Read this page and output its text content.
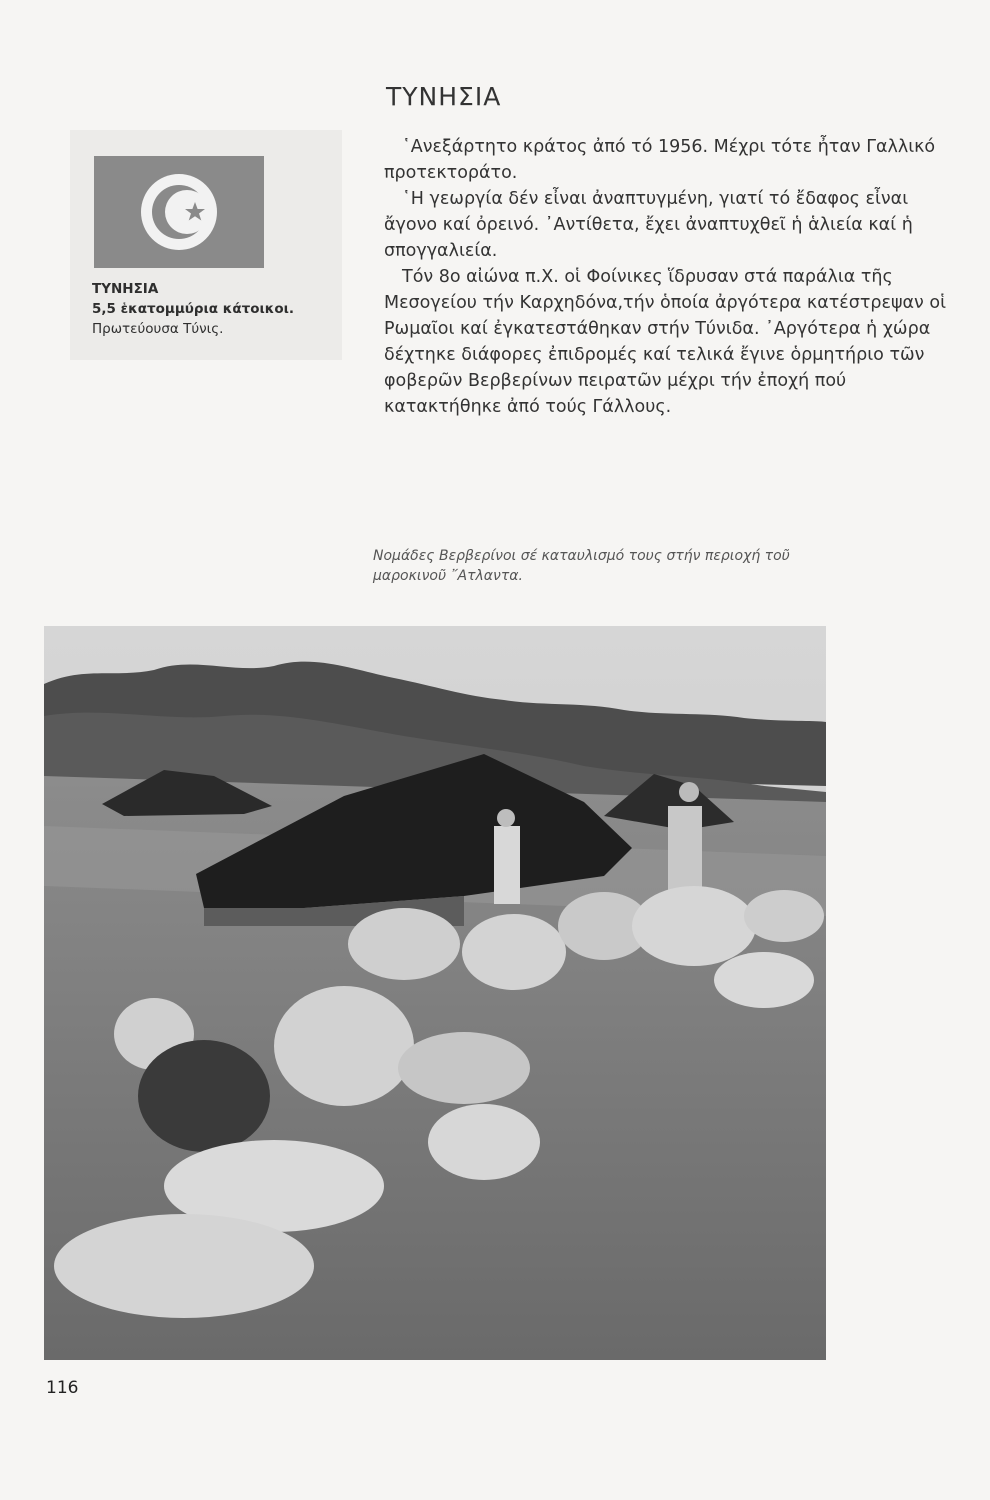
ΤΥΝΗΣΙΑ
ΤΥΝΗΣΙΑ
5,5 ἑκατομμύρια κάτοικοι.
Πρωτεύουσα Τύνις.

῾Ανεξάρτητο κράτος ἀπό τό 1956. Μέχρι τότε ἦταν Γαλλικό προτεκτοράτο.

῾Η γεωργία δέν εἶναι ἀναπτυγμένη, γιατί τό ἔδαφος εἶναι ἄγονο καί ὀρεινό. ᾿Αντίθετα, ἔχει ἀναπτυχθεῖ ἡ ἁλιεία καί ἡ σπογγαλιεία.

Τόν 8ο αἰώνα π.Χ. οἱ Φοίνικες ἵδρυσαν στά παράλια τῆς Μεσογείου τήν Καρχηδόνα,τήν ὁποία ἀργότερα κατέστρεψαν οἱ Ρωμαῖοι καί ἐγκατεστάθηκαν στήν Τύνιδα. ᾿Αργότερα ἡ χώρα δέχτηκε διάφορες ἐπιδρομές καί τελικά ἔγινε ὁρμητήριο τῶν φοβερῶν Βερβερίνων πειρατῶν μέχρι τήν ἐποχή πού κατακτήθηκε ἀπό τούς Γάλλους.

Νομάδες Βερβερίνοι σέ καταυλισμό τους στήν περιοχή τοῦ μαροκινοῦ ῎Ατλαντα.
116
